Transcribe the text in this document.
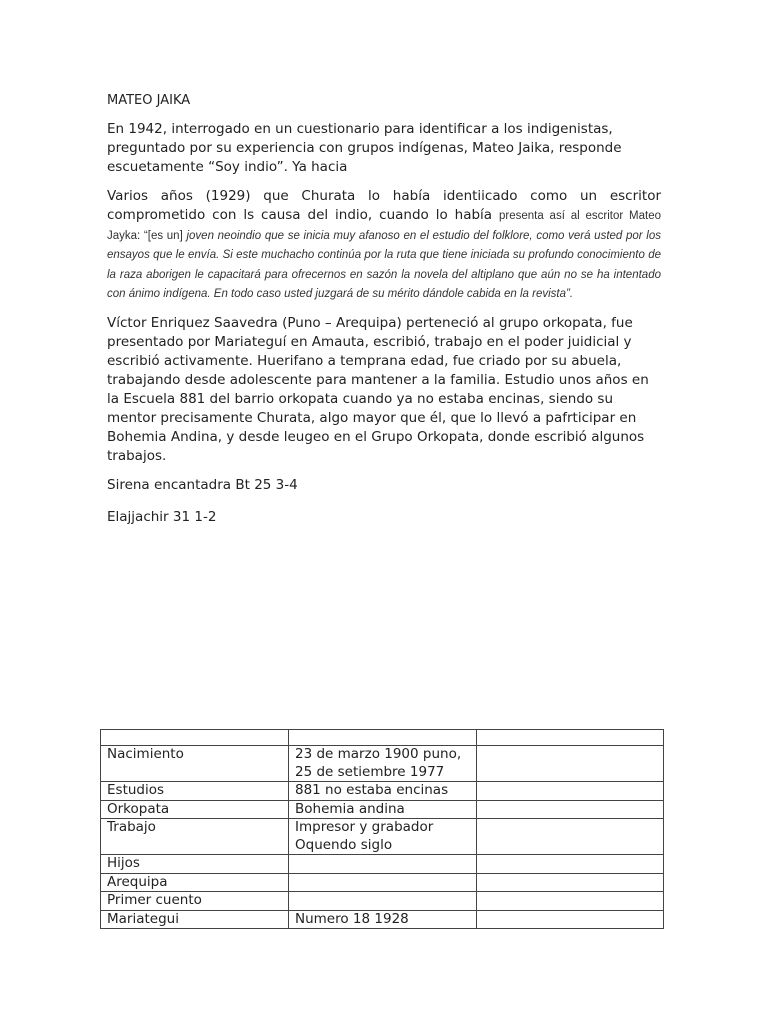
MATEO JAIKA

En 1942, interrogado en un cuestionario para identificar a los indigenistas, preguntado por su experiencia con grupos indígenas, Mateo Jaika, responde escuetamente “Soy indio”. Ya hacia

Varios años (1929) que Churata lo había identiicado como un escritor comprometido con ls causa del indio, cuando lo había presenta así al escritor Mateo Jayka: “[es un] joven neoindio que se inicia muy afanoso en el estudio del folklore, como verá usted por los ensayos que le envía. Si este muchacho continúa por la ruta que tiene iniciada su profundo conocimiento de la raza aborigen le capacitará para ofrecernos en sazón la novela del altiplano que aún no se ha intentado con ánimo indígena. En todo caso usted juzgará de su mérito dándole cabida en la revista”.

Víctor Enriquez Saavedra (Puno – Arequipa) perteneció al grupo orkopata, fue presentado por Mariateguí en Amauta, escribió, trabajo en el poder juidicial y escribió activamente. Huerifano a temprana edad, fue criado por su abuela, trabajando desde adolescente para mantener a la familia. Estudio unos años en la Escuela 881 del barrio orkopata cuando ya no estaba encinas, siendo su mentor precisamente Churata, algo mayor que él, que lo llevó a pafrticipar en Bohemia Andina, y desde leugeo en el Grupo Orkopata, donde escribió algunos trabajos.

Sirena encantadra Bt 25 3-4

Elajjachir 31 1-2

Nacimiento	23 de marzo 1900 puno, 25 de setiembre 1977	
Estudios	881 no estaba encinas	
Orkopata	Bohemia andina	
Trabajo	Impresor y grabador Oquendo siglo	
Hijos		
Arequipa		
Primer cuento		
Mariategui	Numero 18 1928	
